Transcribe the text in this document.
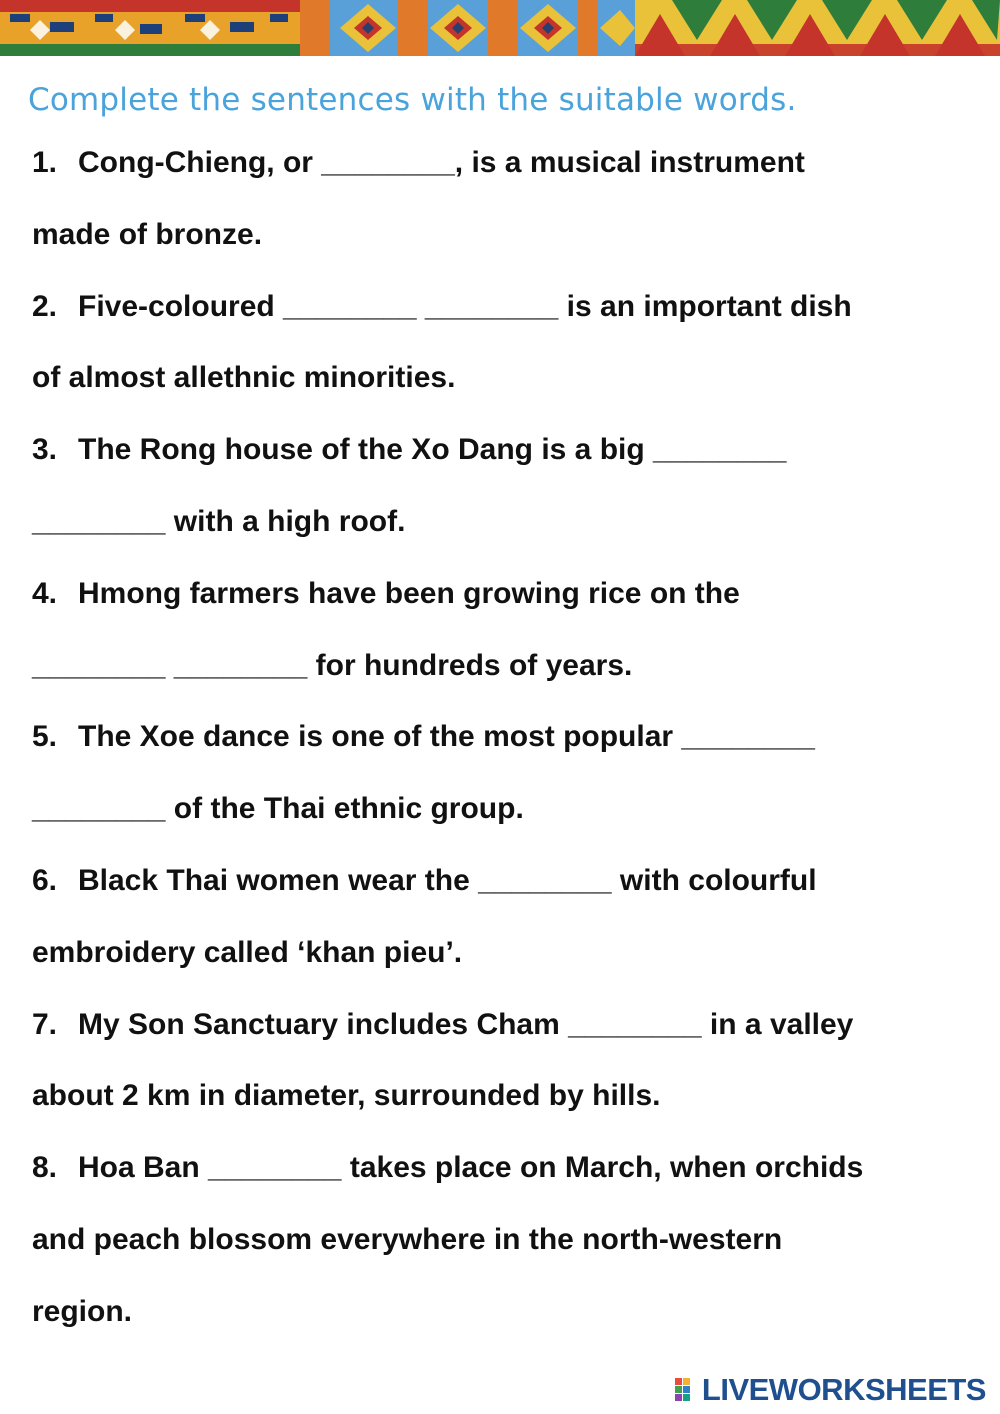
Complete the sentences with the suitable words.
1. Cong-Chieng, or ________, is a musical instrument
made of bronze.
2. Five-coloured ________ ________ is an important dish
of almost allethnic minorities.
3. The Rong house of the Xo Dang is a big ________
________ with a high roof.
4. Hmong farmers have been growing rice on the
________ ________ for hundreds of years.
5. The Xoe dance is one of the most popular ________
________ of the Thai ethnic group.
6. Black Thai women wear the ________ with colourful
embroidery called ‘khan pieu’.
7. My Son Sanctuary includes Cham ________ in a valley
about 2 km in diameter, surrounded by hills.
8. Hoa Ban ________ takes place on March, when orchids
and peach blossom everywhere in the north-western
region.
LIVEWORKSHEETS
